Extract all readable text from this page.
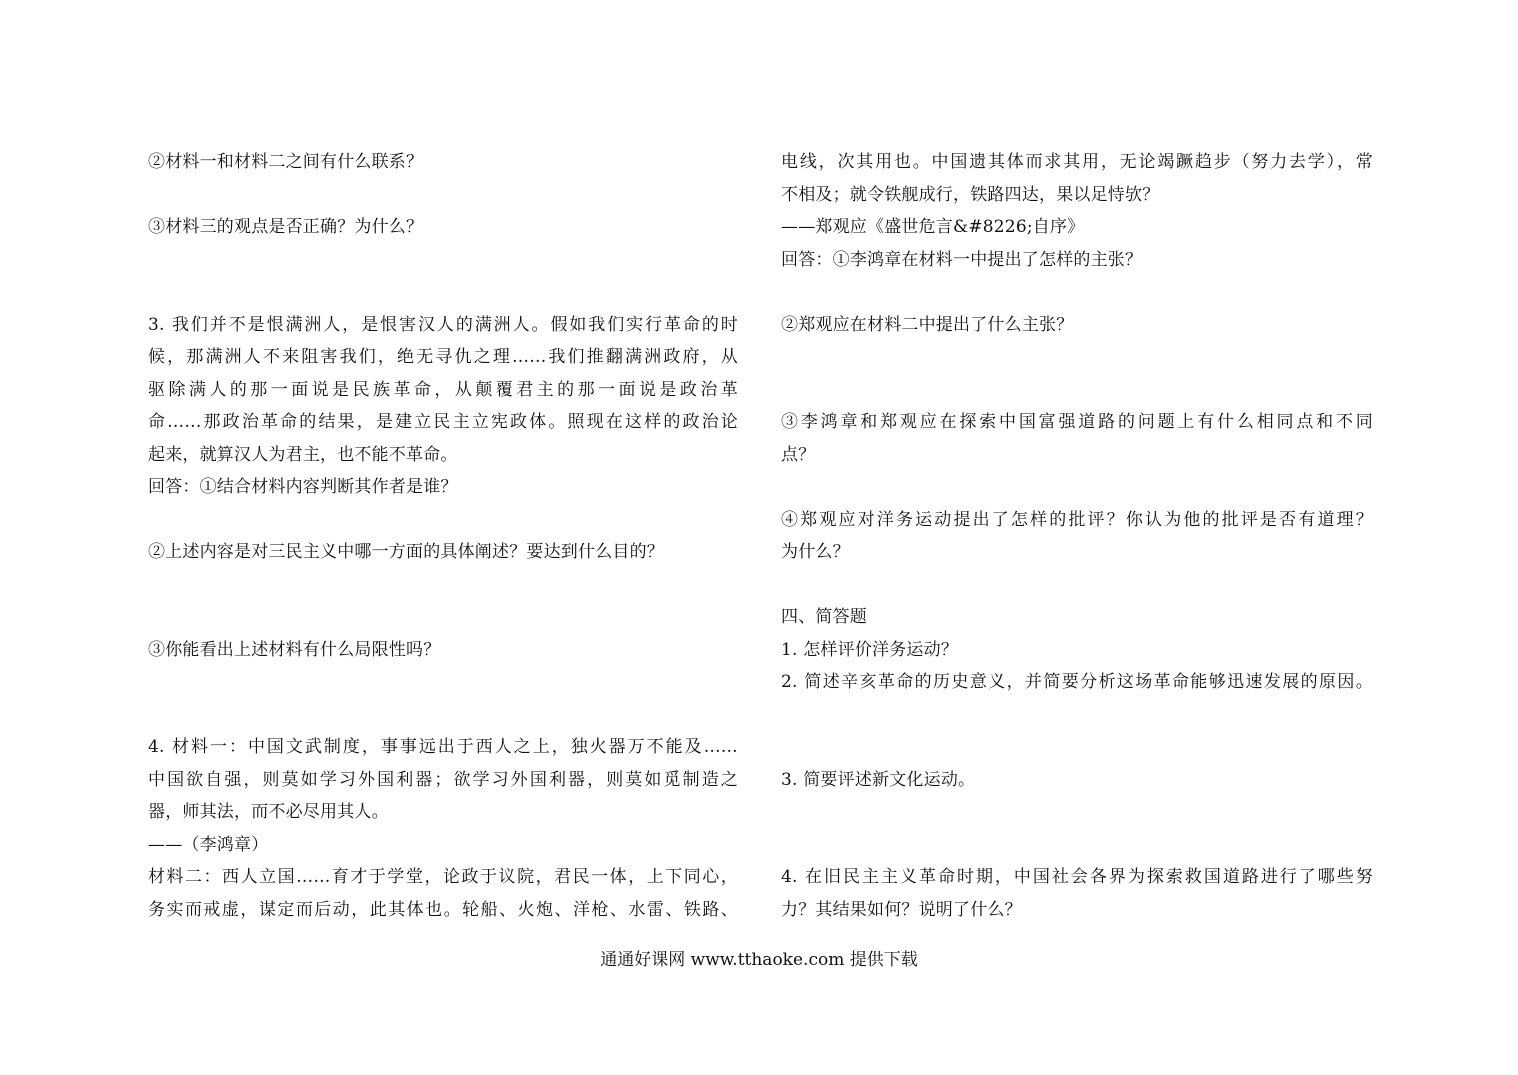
②材料一和材料二之间有什么联系？
③材料三的观点是否正确？为什么？
3. 我们并不是恨满洲人，是恨害汉人的满洲人。假如我们实行革命的时
候，那满洲人不来阻害我们，绝无寻仇之理……我们推翻满洲政府，从
驱除满人的那一面说是民族革命，从颠覆君主的那一面说是政治革
命……那政治革命的结果，是建立民主立宪政体。照现在这样的政治论
起来，就算汉人为君主，也不能不革命。
回答：①结合材料内容判断其作者是谁？
②上述内容是对三民主义中哪一方面的具体阐述？要达到什么目的？
③你能看出上述材料有什么局限性吗？
4. 材料一：中国文武制度，事事远出于西人之上，独火器万不能及……
中国欲自强，则莫如学习外国利器；欲学习外国利器，则莫如觅制造之
器，师其法，而不必尽用其人。
——（李鸿章）
材料二：西人立国……育才于学堂，论政于议院，君民一体，上下同心，
务实而戒虚，谋定而后动，此其体也。轮船、火炮、洋枪、水雷、铁路、
电线，次其用也。中国遗其体而求其用，无论竭蹶趋步（努力去学），常
不相及；就令铁舰成行，铁路四达，果以足恃欤？
——郑观应《盛世危言&#8226;自序》
回答：①李鸿章在材料一中提出了怎样的主张？
②郑观应在材料二中提出了什么主张？
③李鸿章和郑观应在探索中国富强道路的问题上有什么相同点和不同
点？
④郑观应对洋务运动提出了怎样的批评？你认为他的批评是否有道理？
为什么？
四、简答题
1. 怎样评价洋务运动？
2. 简述辛亥革命的历史意义，并简要分析这场革命能够迅速发展的原因。
3. 简要评述新文化运动。
4. 在旧民主主义革命时期，中国社会各界为探索救国道路进行了哪些努
力？其结果如何？说明了什么？
通通好课网 www.tthaoke.com 提供下载
